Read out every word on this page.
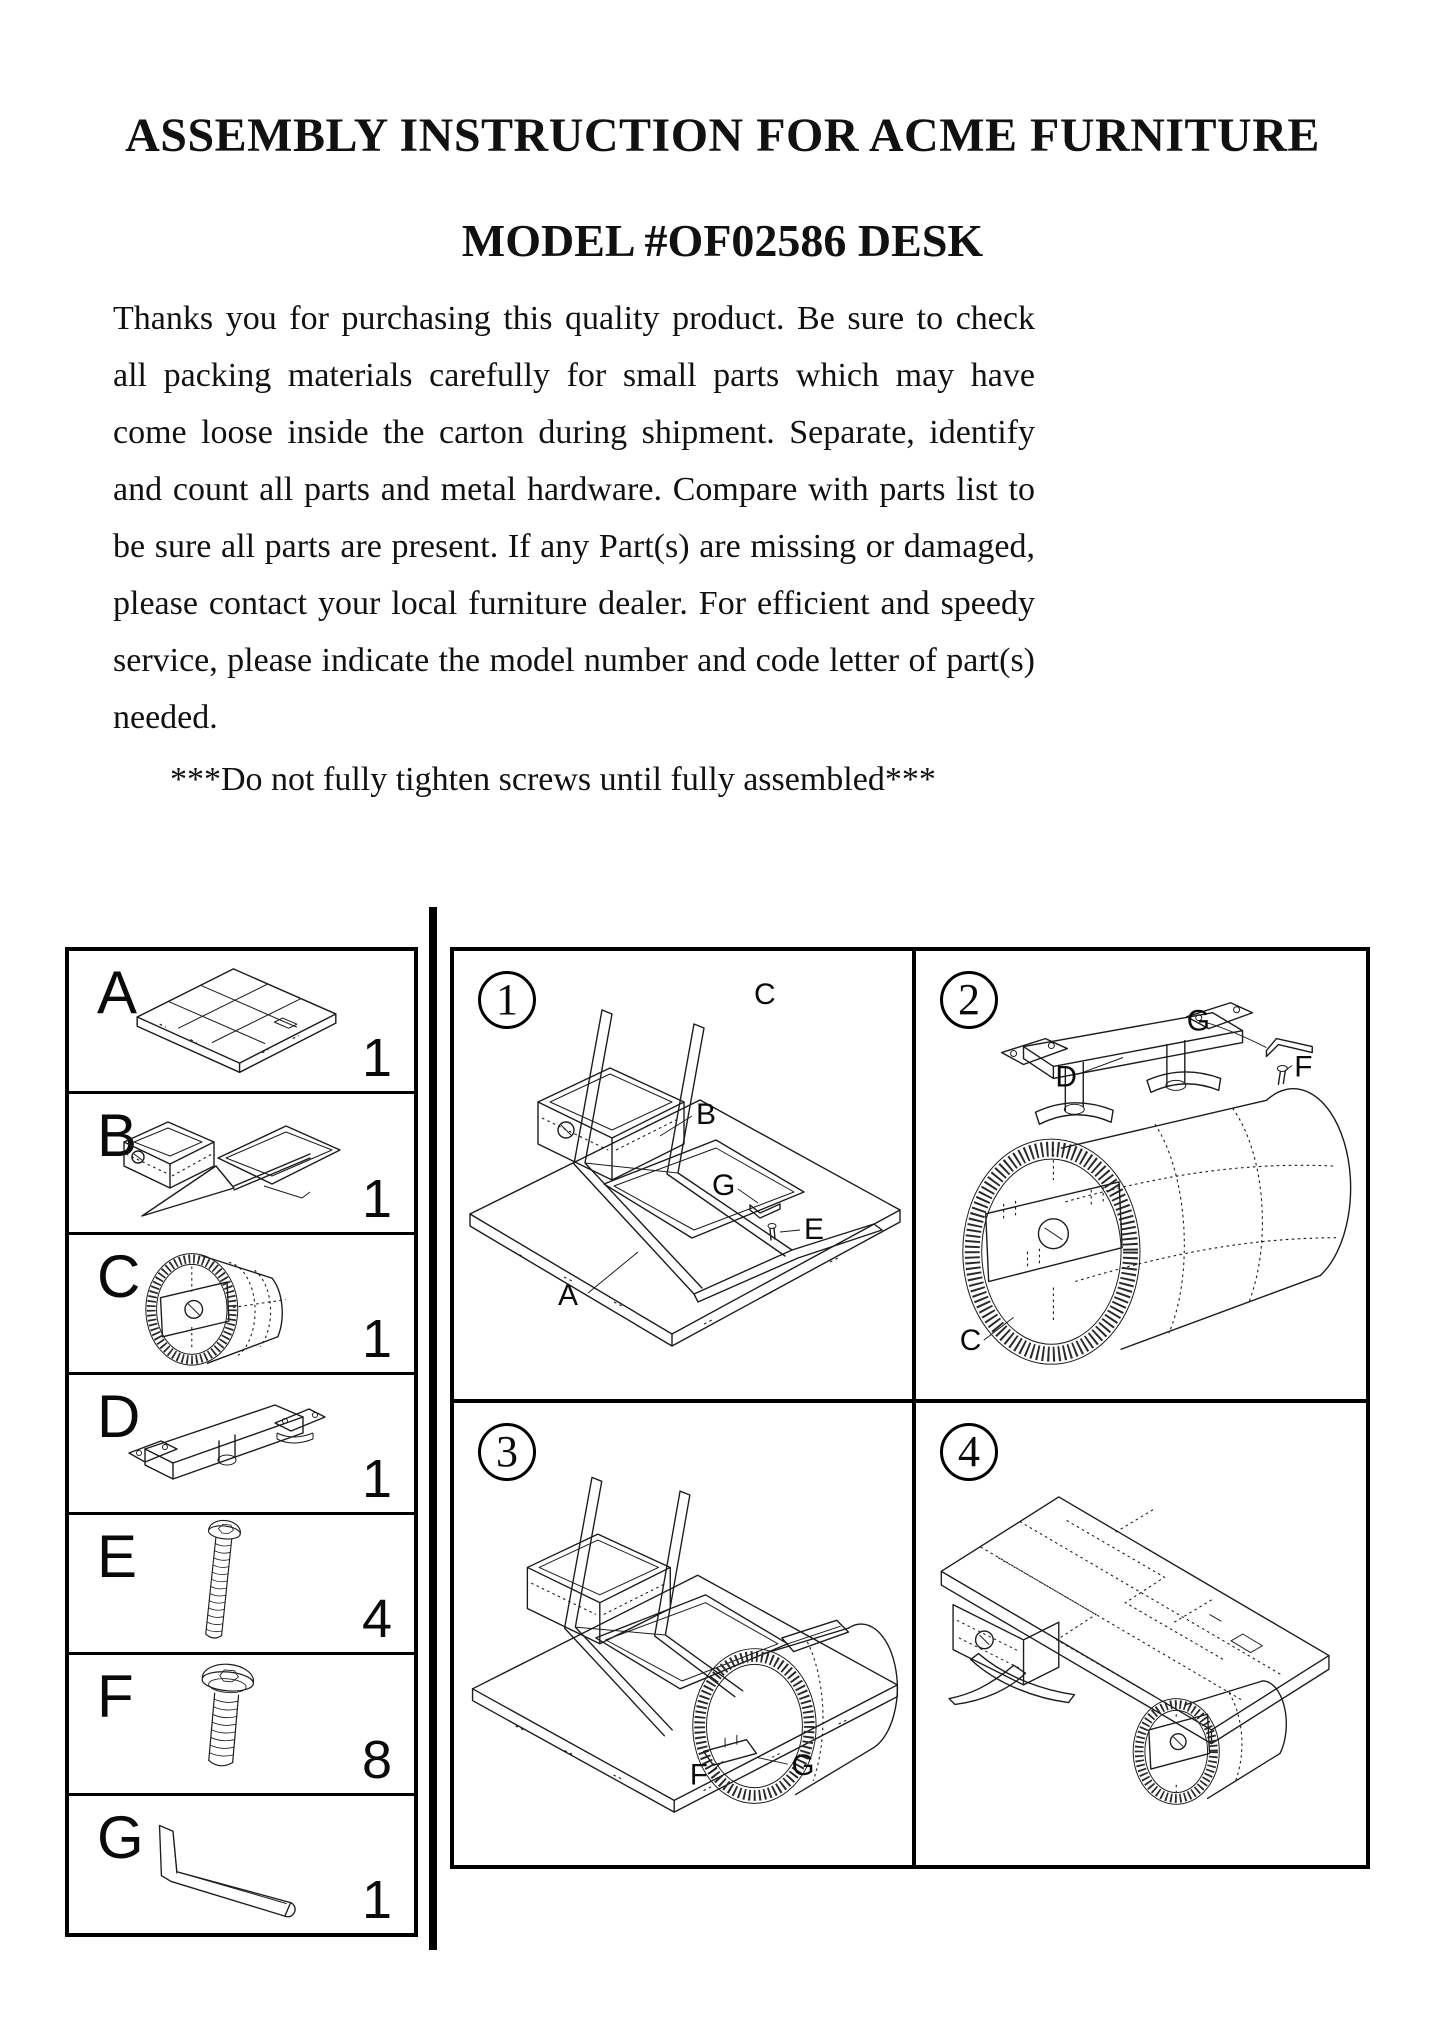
ASSEMBLY INSTRUCTION FOR ACME FURNITURE
MODEL #OF02586 DESK
Thanks you for purchasing this quality product. Be sure to check all packing materials carefully for small parts which may have come loose inside the carton during shipment. Separate, identify and count all parts and metal hardware. Compare with parts list to be sure all parts are present. If any Part(s) are missing or damaged, please contact your local furniture dealer. For efficient and speedy service, please indicate the model number and code letter of part(s) needed.
***Do not fully tighten screws until fully assembled***
A
1
B
1
C
1
D
1
E
4
F
8
G
1
1	C
B
G
E
A
2	G
F
D
C
3
F	G
4
